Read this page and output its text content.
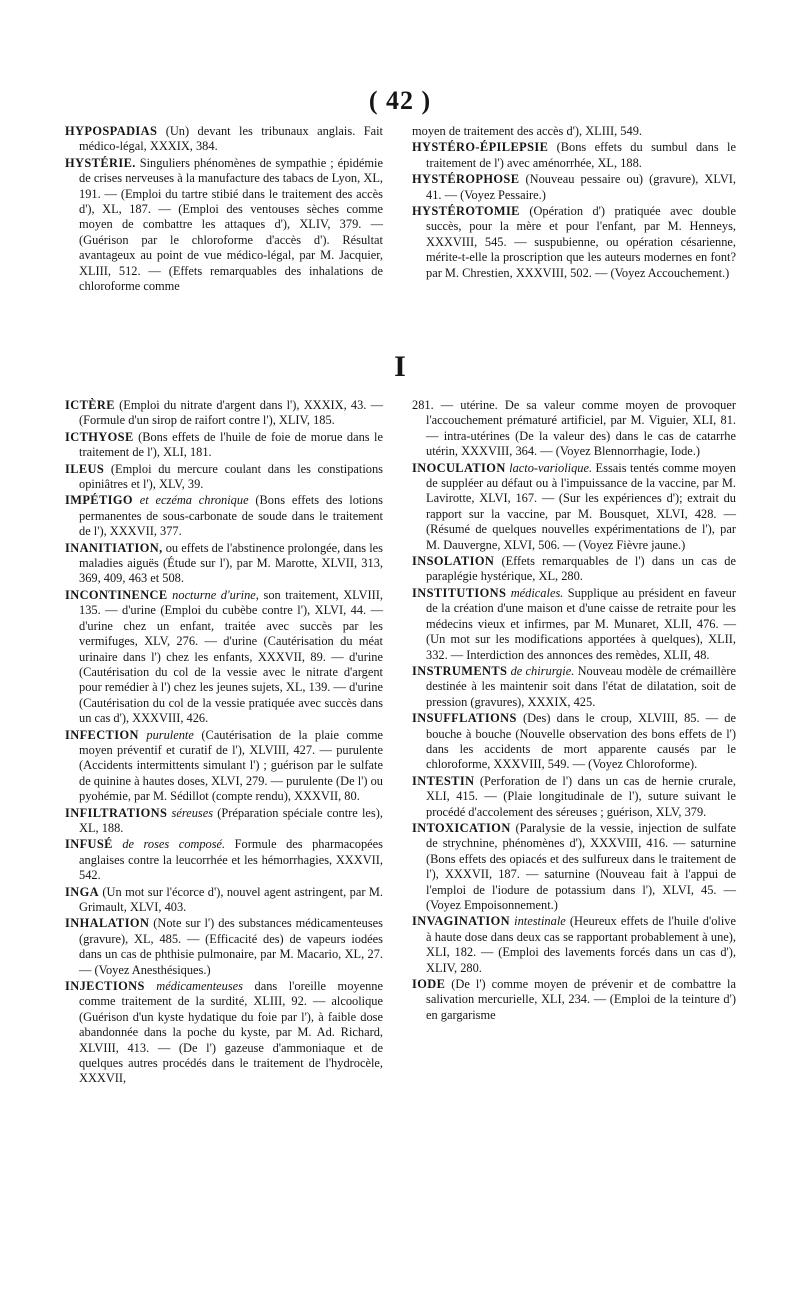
( 42 )

HYPOSPADIAS (Un) devant les tribunaux anglais. Fait médico-légal, XXXIX, 384.

HYSTÉRIE. Singuliers phénomènes de sympathie ; épidémie de crises nerveuses à la manufacture des tabacs de Lyon, XL, 191. — (Emploi du tartre stibié dans le traitement des accès d'), XL, 187. — (Emploi des ventouses sèches comme moyen de combattre les attaques d'), XLIV, 379. — (Guérison par le chloroforme d'accès d'). Résultat avantageux au point de vue médico-légal, par M. Jacquier, XLIII, 512. — (Effets remarquables des inhalations de chloroforme comme

moyen de traitement des accès d'), XLIII, 549.

HYSTÉRO-ÉPILEPSIE (Bons effets du sumbul dans le traitement de l') avec aménorrhée, XL, 188.

HYSTÉROPHOSE (Nouveau pessaire ou) (gravure), XLVI, 41. — (Voyez Pessaire.)

HYSTÉROTOMIE (Opération d') pratiquée avec double succès, pour la mère et pour l'enfant, par M. Henneys, XXXVIII, 545. — suspubienne, ou opération césarienne, mérite-t-elle la proscription que les auteurs modernes en font? par M. Chrestien, XXXVIII, 502. — (Voyez Accouchement.)

I

ICTÈRE (Emploi du nitrate d'argent dans l'), XXXIX, 43. — (Formule d'un sirop de raifort contre l'), XLIV, 185.

ICTHYOSE (Bons effets de l'huile de foie de morue dans le traitement de l'), XLI, 181.

ILEUS (Emploi du mercure coulant dans les constipations opiniâtres et l'), XLV, 39.

IMPÉTIGO et eczéma chronique (Bons effets des lotions permanentes de sous-carbonate de soude dans le traitement de l'), XXXVII, 377.

INANITIATION, ou effets de l'abstinence prolongée, dans les maladies aiguës (Étude sur l'), par M. Marotte, XLVII, 313, 369, 409, 463 et 508.

INCONTINENCE nocturne d'urine, son traitement, XLVIII, 135. — d'urine (Emploi du cubèbe contre l'), XLVI, 44. — d'urine chez un enfant, traitée avec succès par les vermifuges, XLV, 276. — d'urine (Cautérisation du méat urinaire dans l') chez les enfants, XXXVII, 89. — d'urine (Cautérisation du col de la vessie avec le nitrate d'argent pour remédier à l') chez les jeunes sujets, XL, 139. — d'urine (Cautérisation du col de la vessie pratiquée avec succès dans un cas d'), XXXVIII, 426.

INFECTION purulente (Cautérisation de la plaie comme moyen préventif et curatif de l'), XLVIII, 427. — purulente (Accidents intermittents simulant l') ; guérison par le sulfate de quinine à hautes doses, XLVI, 279. — purulente (De l') ou pyohémie, par M. Sédillot (compte rendu), XXXVII, 80.

INFILTRATIONS séreuses (Préparation spéciale contre les), XL, 188.

INFUSÉ de roses composé. Formule des pharmacopées anglaises contre la leucorrhée et les hémorrhagies, XXXVII, 542.

INGA (Un mot sur l'écorce d'), nouvel agent astringent, par M. Grimault, XLVI, 403.

INHALATION (Note sur l') des substances médicamenteuses (gravure), XL, 485. — (Efficacité des) de vapeurs iodées dans un cas de phthisie pulmonaire, par M. Macario, XL, 27. — (Voyez Anesthésiques.)

INJECTIONS médicamenteuses dans l'oreille moyenne comme traitement de la surdité, XLIII, 92. — alcoolique (Guérison d'un kyste hydatique du foie par l'), à faible dose abandonnée dans la poche du kyste, par M. Ad. Richard, XLVIII, 413. — (De l') gazeuse d'ammoniaque et de quelques autres procédés dans le traitement de l'hydrocèle, XXXVII,

281. — utérine. De sa valeur comme moyen de provoquer l'accouchement prématuré artificiel, par M. Viguier, XLI, 81. — intra-utérines (De la valeur des) dans le cas de catarrhe utérin, XXXVIII, 364. — (Voyez Blennorrhagie, Iode.)

INOCULATION lacto-variolique. Essais tentés comme moyen de suppléer au défaut ou à l'impuissance de la vaccine, par M. Lavirotte, XLVI, 167. — (Sur les expériences d'); extrait du rapport sur la vaccine, par M. Bousquet, XLVI, 428. — (Résumé de quelques nouvelles expérimentations de l'), par M. Dauvergne, XLVI, 506. — (Voyez Fièvre jaune.)

INSOLATION (Effets remarquables de l') dans un cas de paraplégie hystérique, XL, 280.

INSTITUTIONS médicales. Supplique au président en faveur de la création d'une maison et d'une caisse de retraite pour les médecins vieux et infirmes, par M. Munaret, XLII, 476. — (Un mot sur les modifications apportées à quelques), XLII, 332. — Interdiction des annonces des remèdes, XLII, 48.

INSTRUMENTS de chirurgie. Nouveau modèle de crémaillère destinée à les maintenir soit dans l'état de dilatation, soit de pression (gravures), XXXIX, 425.

INSUFFLATIONS (Des) dans le croup, XLVIII, 85. — de bouche à bouche (Nouvelle observation des bons effets de l') dans les accidents de mort apparente causés par le chloroforme, XXXVIII, 549. — (Voyez Chloroforme).

INTESTIN (Perforation de l') dans un cas de hernie crurale, XLI, 415. — (Plaie longitudinale de l'), suture suivant le procédé d'accolement des séreuses ; guérison, XLV, 379.

INTOXICATION (Paralysie de la vessie, injection de sulfate de strychnine, phénomènes d'), XXXVIII, 416. — saturnine (Bons effets des opiacés et des sulfureux dans le traitement de l'), XXXVII, 187. — saturnine (Nouveau fait à l'appui de l'emploi de l'iodure de potassium dans l'), XLVI, 45. — (Voyez Empoisonnement.)

INVAGINATION intestinale (Heureux effets de l'huile d'olive à haute dose dans deux cas se rapportant probablement à une), XLI, 182. — (Emploi des lavements forcés dans un cas d'), XLIV, 280.

IODE (De l') comme moyen de prévenir et de combattre la salivation mercurielle, XLI, 234. — (Emploi de la teinture d') en gargarisme
